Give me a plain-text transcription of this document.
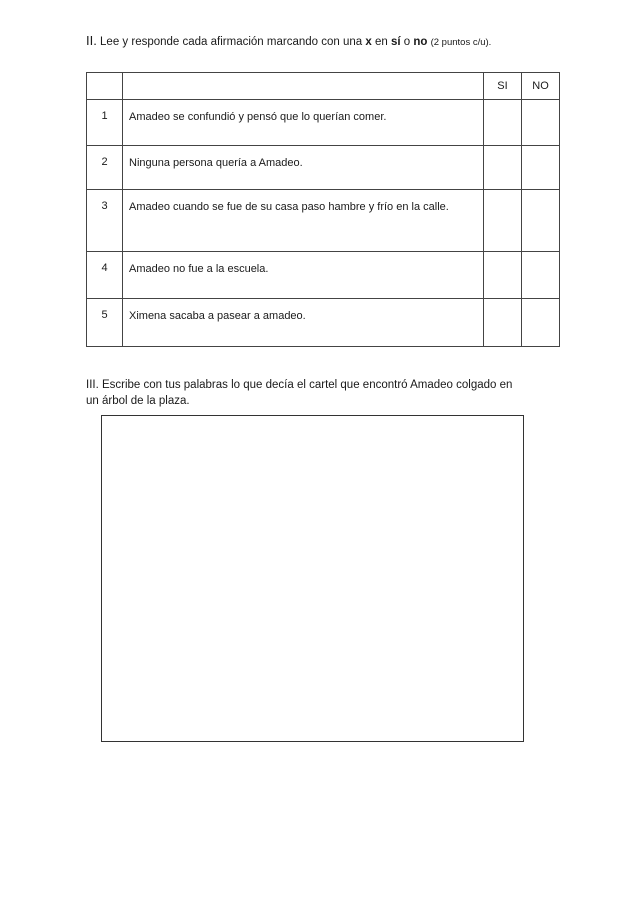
II. Lee y responde cada afirmación marcando con una x en sí o no (2 puntos c/u).
		SI	NO
1	Amadeo se confundió y pensó que lo querían comer.		
2	Ninguna persona quería a Amadeo.		
3	Amadeo cuando se fue de su casa paso hambre y frío en la calle.		
4	Amadeo no fue a la escuela.		
5	Ximena sacaba a pasear a amadeo.		
III. Escribe con tus palabras lo que decía el cartel que encontró Amadeo colgado en un árbol de la plaza.
